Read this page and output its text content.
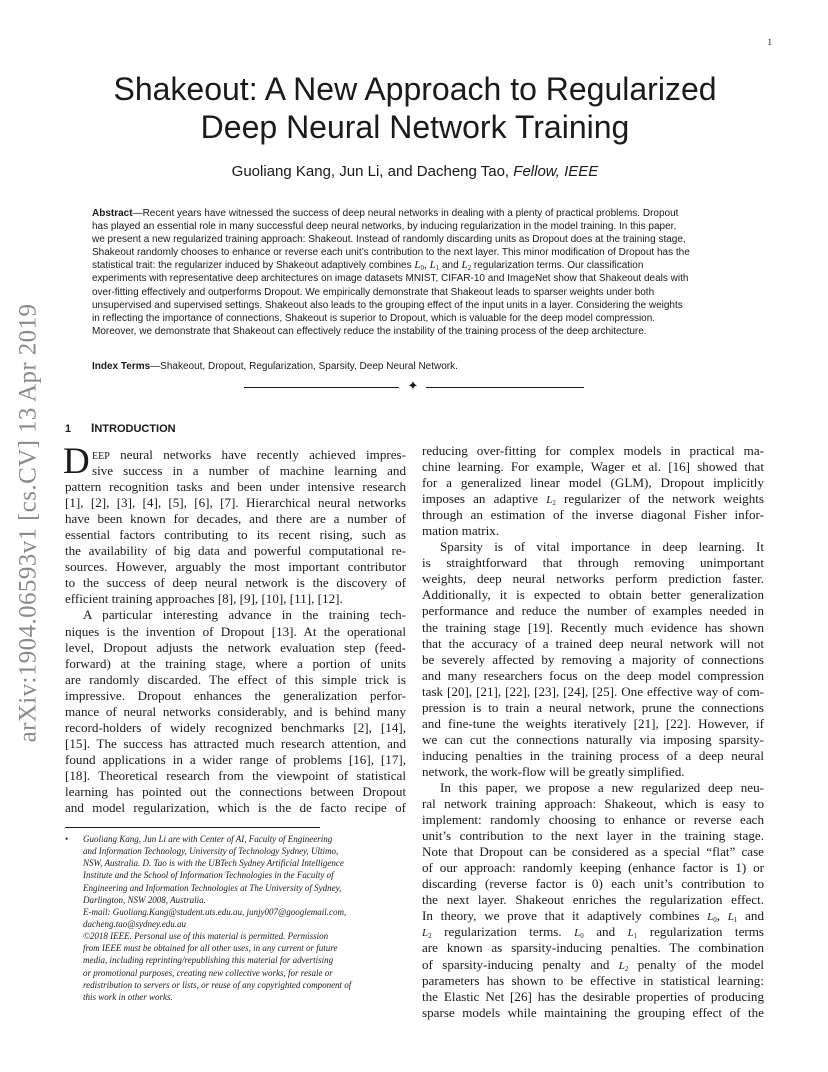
1
arXiv:1904.06593v1 [cs.CV] 13 Apr 2019
Shakeout: A New Approach to Regularized
Deep Neural Network Training
Guoliang Kang, Jun Li, and Dacheng Tao, Fellow, IEEE
Abstract—Recent years have witnessed the success of deep neural networks in dealing with a plenty of practical problems. Dropout
has played an essential role in many successful deep neural networks, by inducing regularization in the model training. In this paper,
we present a new regularized training approach: Shakeout. Instead of randomly discarding units as Dropout does at the training stage,
Shakeout randomly chooses to enhance or reverse each unit’s contribution to the next layer. This minor modification of Dropout has the
statistical trait: the regularizer induced by Shakeout adaptively combines $L_0$, $L_1$ and $L_2$ regularization terms. Our classification
experiments with representative deep architectures on image datasets MNIST, CIFAR-10 and ImageNet show that Shakeout deals with
over-fitting effectively and outperforms Dropout. We empirically demonstrate that Shakeout leads to sparser weights under both
unsupervised and supervised settings. Shakeout also leads to the grouping effect of the input units in a layer. Considering the weights
in reflecting the importance of connections, Shakeout is superior to Dropout, which is valuable for the deep model compression.
Moreover, we demonstrate that Shakeout can effectively reduce the instability of the training process of the deep architecture.
Index Terms—Shakeout, Dropout, Regularization, Sparsity, Deep Neural Network.
✦
1 INTRODUCTION
D EEP neural networks have recently achieved impres-
sive success in a number of machine learning and
pattern recognition tasks and been under intensive research
[1], [2], [3], [4], [5], [6], [7]. Hierarchical neural networks
have been known for decades, and there are a number of
essential factors contributing to its recent rising, such as
the availability of big data and powerful computational re-
sources. However, arguably the most important contributor
to the success of deep neural network is the discovery of
efficient training approaches [8], [9], [10], [11], [12].
A particular interesting advance in the training tech-
niques is the invention of Dropout [13]. At the operational
level, Dropout adjusts the network evaluation step (feed-
forward) at the training stage, where a portion of units
are randomly discarded. The effect of this simple trick is
impressive. Dropout enhances the generalization perfor-
mance of neural networks considerably, and is behind many
record-holders of widely recognized benchmarks [2], [14],
[15]. The success has attracted much research attention, and
found applications in a wider range of problems [16], [17],
[18]. Theoretical research from the viewpoint of statistical
learning has pointed out the connections between Dropout
and model regularization, which is the de facto recipe of
• Guoliang Kang, Jun Li are with Center of AI, Faculty of Engineering
and Information Technology, University of Technology Sydney, Ultimo,
NSW, Australia. D. Tao is with the UBTech Sydney Artificial Intelligence
Institute and the School of Information Technologies in the Faculty of
Engineering and Information Technologies at The University of Sydney,
Darlington, NSW 2008, Australia.
E-mail: Guoliang.Kang@student.uts.edu.au, junjy007@googlemail.com,
dacheng.tao@sydney.edu.au
©2018 IEEE. Personal use of this material is permitted. Permission
from IEEE must be obtained for all other uses, in any current or future
media, including reprinting/republishing this material for advertising
or promotional purposes, creating new collective works, for resale or
redistribution to servers or lists, or reuse of any copyrighted component of
this work in other works.
reducing over-fitting for complex models in practical ma-
chine learning. For example, Wager et al. [16] showed that
for a generalized linear model (GLM), Dropout implicitly
imposes an adaptive $L_2$ regularizer of the network weights
through an estimation of the inverse diagonal Fisher infor-
mation matrix.
Sparsity is of vital importance in deep learning. It
is straightforward that through removing unimportant
weights, deep neural networks perform prediction faster.
Additionally, it is expected to obtain better generalization
performance and reduce the number of examples needed in
the training stage [19]. Recently much evidence has shown
that the accuracy of a trained deep neural network will not
be severely affected by removing a majority of connections
and many researchers focus on the deep model compression
task [20], [21], [22], [23], [24], [25]. One effective way of com-
pression is to train a neural network, prune the connections
and fine-tune the weights iteratively [21], [22]. However, if
we can cut the connections naturally via imposing sparsity-
inducing penalties in the training process of a deep neural
network, the work-flow will be greatly simplified.
In this paper, we propose a new regularized deep neu-
ral network training approach: Shakeout, which is easy to
implement: randomly choosing to enhance or reverse each
unit’s contribution to the next layer in the training stage.
Note that Dropout can be considered as a special “flat” case
of our approach: randomly keeping (enhance factor is 1) or
discarding (reverse factor is 0) each unit’s contribution to
the next layer. Shakeout enriches the regularization effect.
In theory, we prove that it adaptively combines $L_0$, $L_1$ and
$L_2$ regularization terms. $L_0$ and $L_1$ regularization terms
are known as sparsity-inducing penalties. The combination
of sparsity-inducing penalty and $L_2$ penalty of the model
parameters has shown to be effective in statistical learning:
the Elastic Net [26] has the desirable properties of producing
sparse models while maintaining the grouping effect of the
